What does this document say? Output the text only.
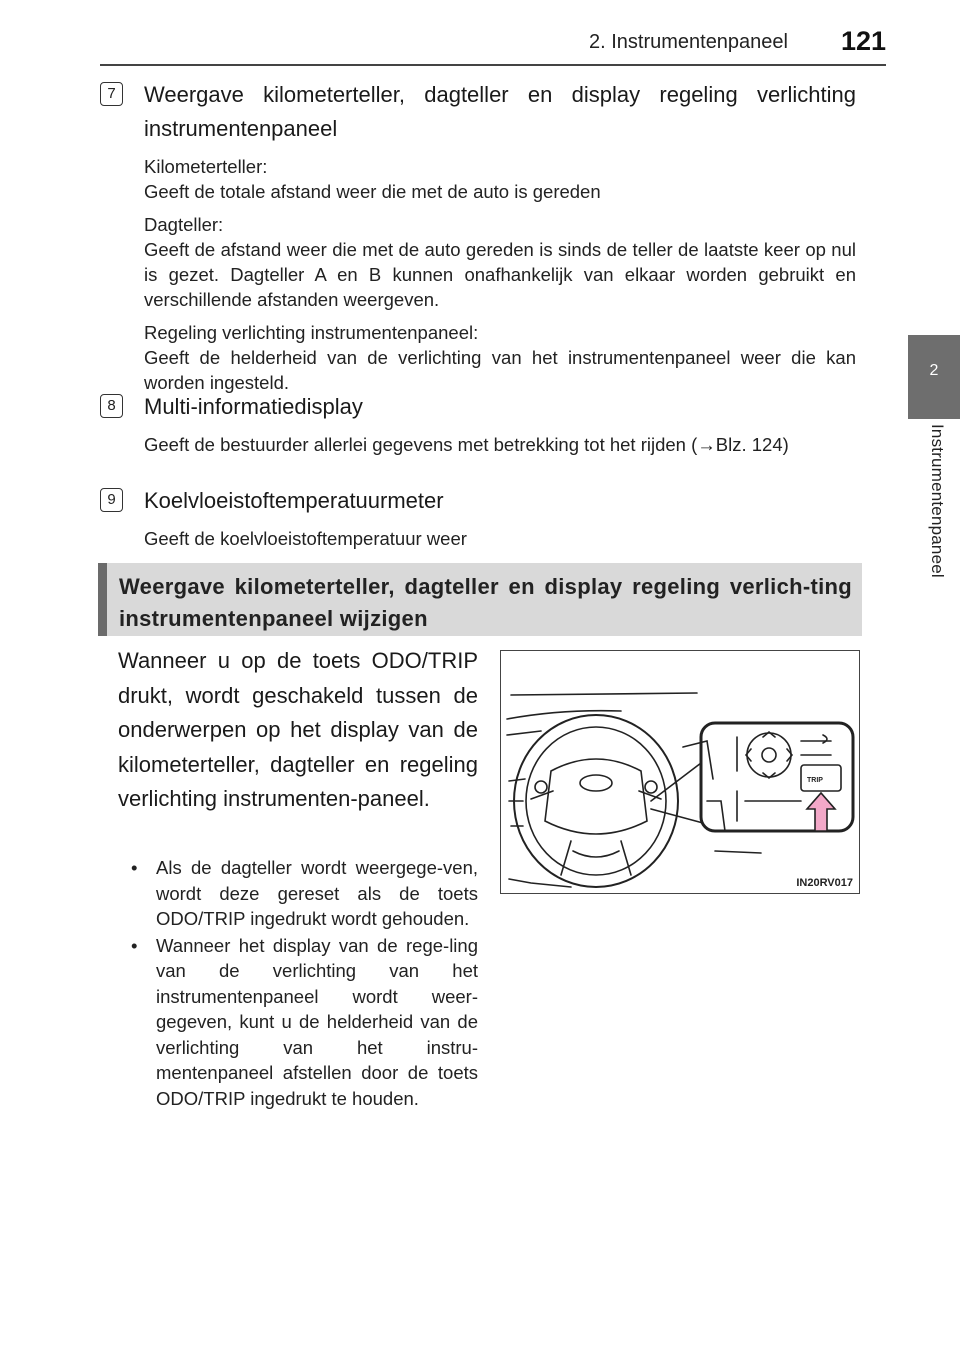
2. Instrumentenpaneel 121
2
Instrumentenpaneel
7	Weergave kilometerteller, dagteller en display regeling verlichting instrumentenpaneel
Kilometerteller:
Geeft de totale afstand weer die met de auto is gereden
Dagteller:
Geeft de afstand weer die met de auto gereden is sinds de teller de laatste keer op nul is gezet. Dagteller A en B kunnen onafhankelijk van elkaar worden gebruikt en verschillende afstanden weergeven.
Regeling verlichting instrumentenpaneel:
Geeft de helderheid van de verlichting van het instrumentenpaneel weer die kan worden ingesteld.
8	Multi-informatiedisplay
Geeft de bestuurder allerlei gegevens met betrekking tot het rijden (→Blz. 124)
9	Koelvloeistoftemperatuurmeter
Geeft de koelvloeistoftemperatuur weer
Weergave kilometerteller, dagteller en display regeling verlich-ting instrumentenpaneel wijzigen
Wanneer u op de toets ODO/TRIP drukt, wordt geschakeld tussen de onderwerpen op het display van de kilometerteller, dagteller en regeling verlichting instrumenten-paneel.
• Als de dagteller wordt weergege-ven, wordt deze gereset als de toets ODO/TRIP ingedrukt wordt gehouden.
• Wanneer het display van de rege-ling van de verlichting van het instrumentenpaneel wordt weer-gegeven, kunt u de helderheid van de verlichting van het instru-mentenpaneel afstellen door de toets ODO/TRIP ingedrukt te houden.
TRIP
IN20RV017
